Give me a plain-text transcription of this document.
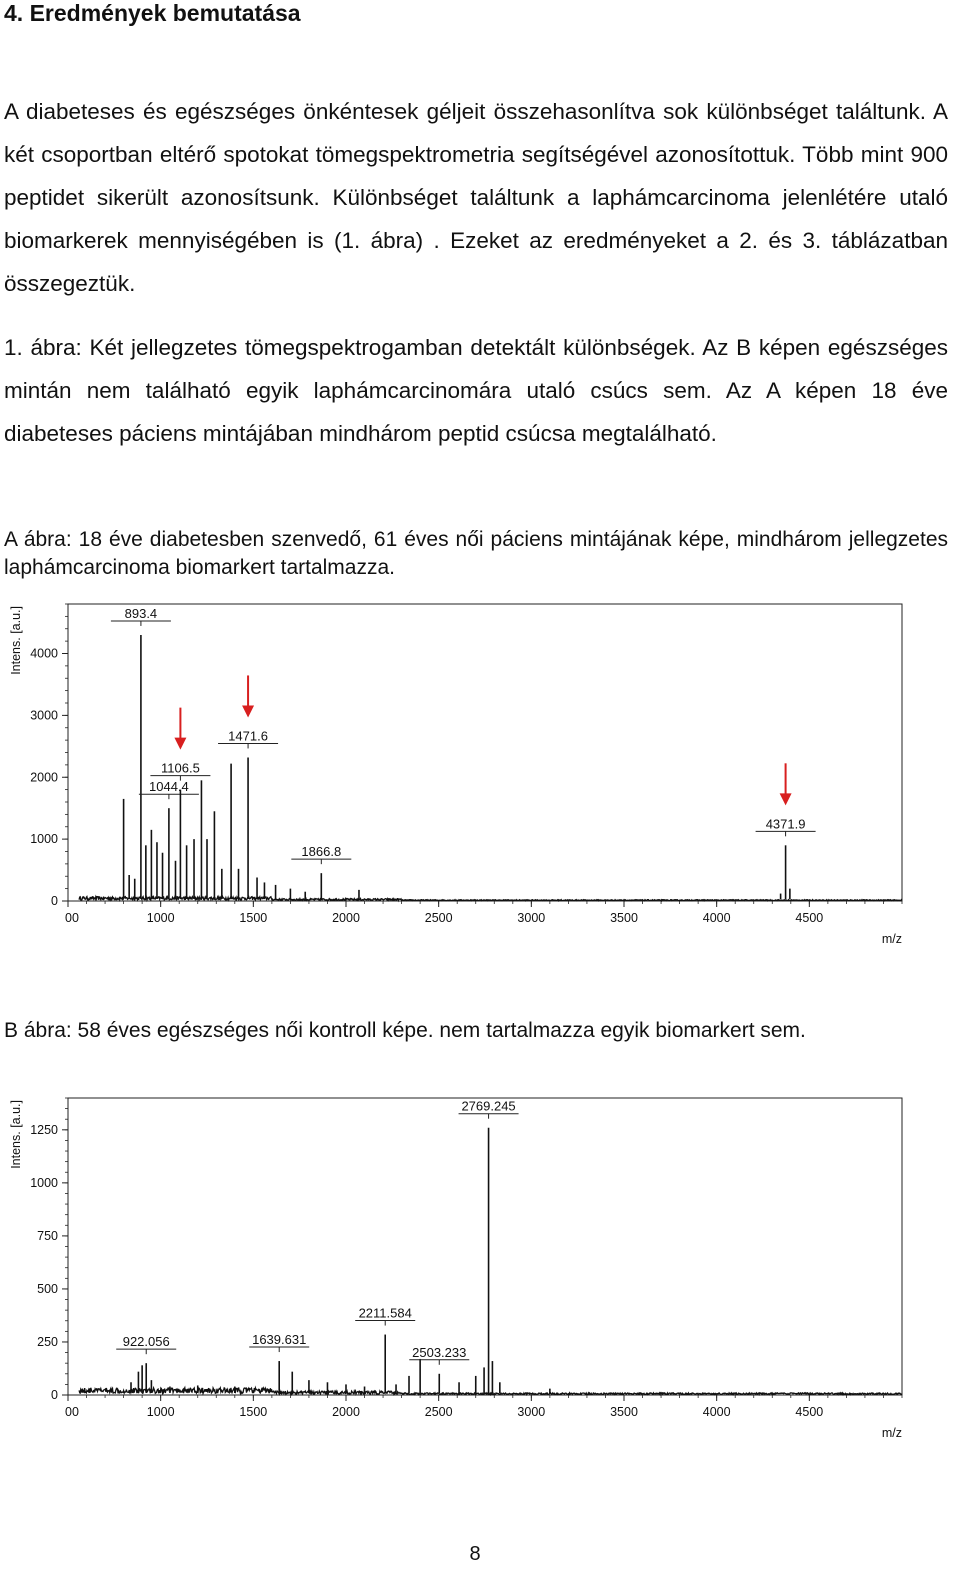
4. Eredmények bemutatása

A diabeteses és egészséges önkéntesek géljeit összehasonlítva sok különbséget találtunk. A két csoportban eltérő spotokat tömegspektrometria segítségével azonosítottuk. Több mint 900 peptidet sikerült azonosítsunk. Különbséget találtunk a laphámcarcinoma jelenlétére utaló biomarkerek mennyiségében is (1. ábra) . Ezeket az eredményeket a 2. és 3. táblázatban összegeztük.

1. ábra: Két jellegzetes tömegspektrogamban detektált különbségek. Az B képen egészséges mintán nem található egyik laphámcarcinomára utaló csúcs sem. Az A képen 18 éve diabeteses páciens mintájában mindhárom peptid csúcsa megtalálható.

A ábra: 18 éve diabetesben szenvedő, 61 éves női páciens mintájának képe, mindhárom jellegzetes laphámcarcinoma biomarkert tartalmazza.

0
1000
2000
3000
4000
00	1000	1500	2000	2500	3000	3500	4000	4500
m/z
Intens. [a.u.]	893.4
1044.4
1106.5
1471.6
1866.8
4371.9

B ábra: 58 éves egészséges női kontroll képe. nem tartalmazza egyik biomarkert sem.

0
250
500
750
1000
1250
00	1000	1500	2000	2500	3000	3500	4000	4500
m/z
Intens. [a.u.]
922.056	1639.631
2211.584
2503.233
2769.245
8
